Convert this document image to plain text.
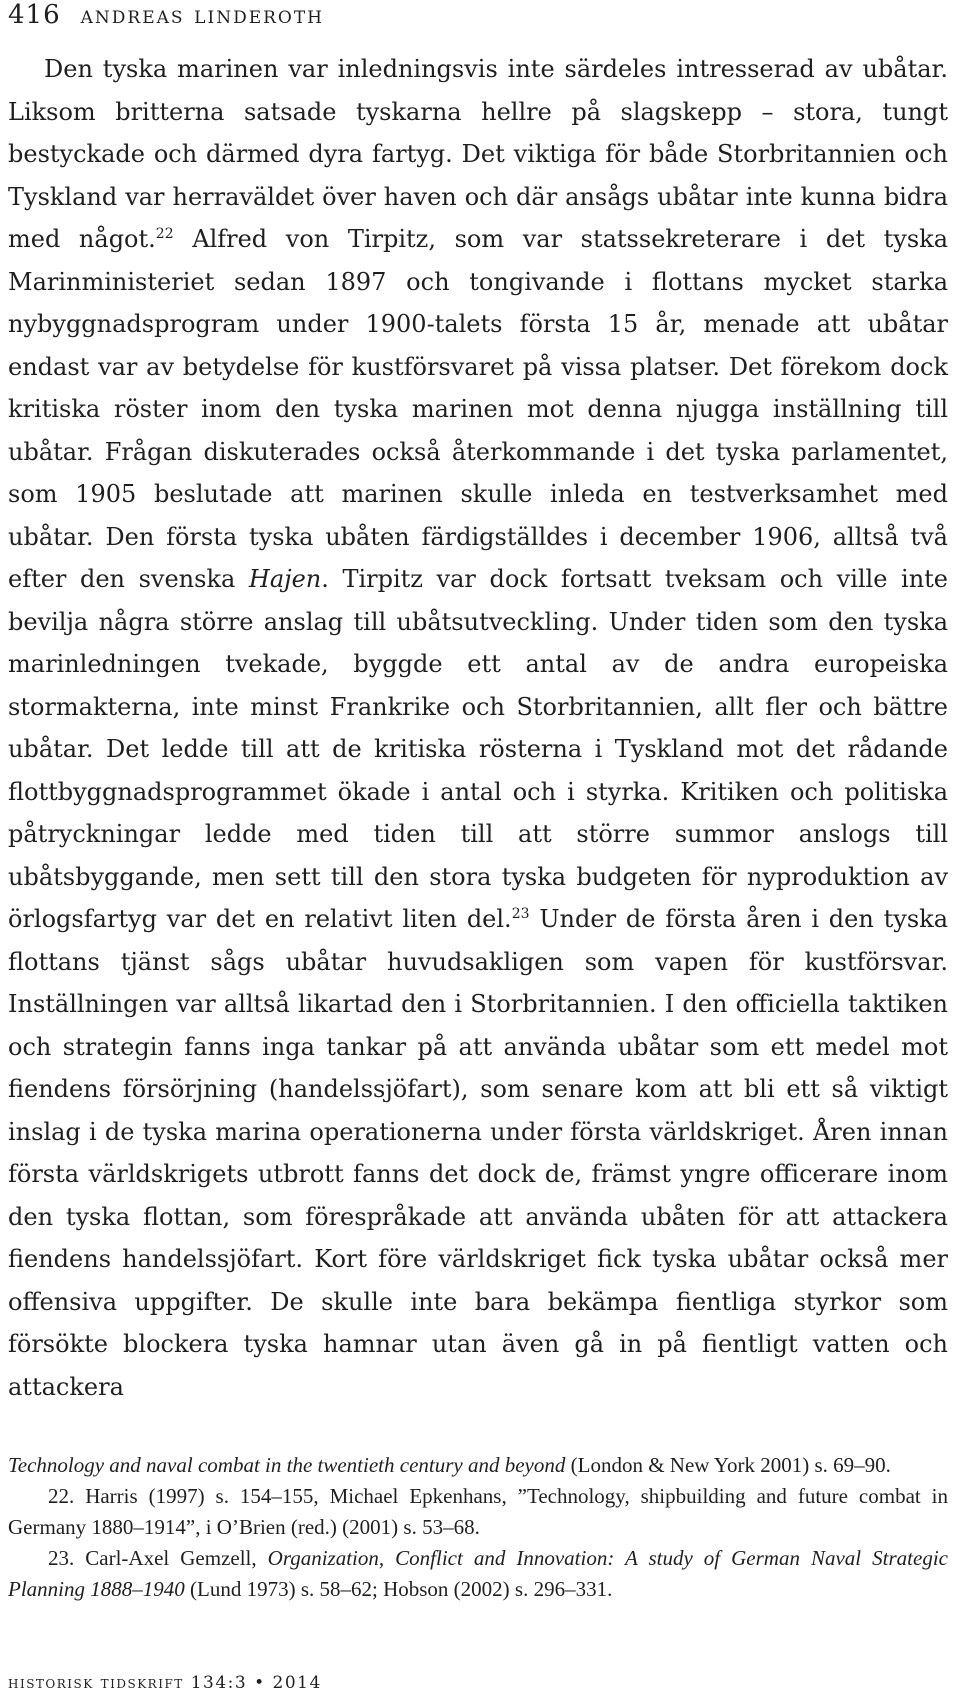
416 andreas linderoth

Den tyska marinen var inledningsvis inte särdeles intresserad av ubåtar. Liksom britterna satsade tyskarna hellre på slagskepp – stora, tungt bestyckade och därmed dyra fartyg. Det viktiga för både Storbritannien och Tyskland var herraväldet över haven och där ansågs ubåtar inte kunna bidra med något.$^{22}$ Alfred von Tirpitz, som var statssekreterare i det tyska Marinministeriet sedan 1897 och tongivande i flottans mycket starka nybyggnadsprogram under 1900-talets första 15 år, menade att ubåtar endast var av betydelse för kustförsvaret på vissa platser. Det förekom dock kritiska röster inom den tyska marinen mot denna njugga inställning till ubåtar. Frågan diskuterades också återkommande i det tyska parlamentet, som 1905 beslutade att marinen skulle inleda en testverksamhet med ubåtar. Den första tyska ubåten färdigställdes i december 1906, alltså två efter den svenska Hajen. Tirpitz var dock fortsatt tveksam och ville inte bevilja några större anslag till ubåtsutveckling. Under tiden som den tyska marinledningen tvekade, byggde ett antal av de andra europeiska stormakterna, inte minst Frankrike och Storbritannien, allt fler och bättre ubåtar. Det ledde till att de kritiska rösterna i Tyskland mot det rådande flottbyggnadsprogrammet ökade i antal och i styrka. Kritiken och politiska påtryckningar ledde med tiden till att större summor anslogs till ubåtsbyggande, men sett till den stora tyska budgeten för nyproduktion av örlogsfartyg var det en relativt liten del.$^{23}$ Under de första åren i den tyska flottans tjänst sågs ubåtar huvudsakligen som vapen för kustförsvar. Inställningen var alltså likartad den i Storbritannien. I den officiella taktiken och strategin fanns inga tankar på att använda ubåtar som ett medel mot fiendens försörjning (handelssjöfart), som senare kom att bli ett så viktigt inslag i de tyska marina operationerna under första världskriget. Åren innan första världskrigets utbrott fanns det dock de, främst yngre officerare inom den tyska flottan, som förespråkade att använda ubåten för att attackera fiendens handelssjöfart. Kort före världskriget fick tyska ubåtar också mer offensiva uppgifter. De skulle inte bara bekämpa fientliga styrkor som försökte blockera tyska hamnar utan även gå in på fientligt vatten och attackera

Technology and naval combat in the twentieth century and beyond (London & New York 2001) s. 69–90.

22. Harris (1997) s. 154–155, Michael Epkenhans, ”Technology, shipbuilding and future combat in Germany 1880–1914”, i O’Brien (red.) (2001) s. 53–68.

23. Carl-Axel Gemzell, Organization, Conflict and Innovation: A study of German Naval Strategic Planning 1888–1940 (Lund 1973) s. 58–62; Hobson (2002) s. 296–331.

historisk tidskrift 134:3 • 2014
